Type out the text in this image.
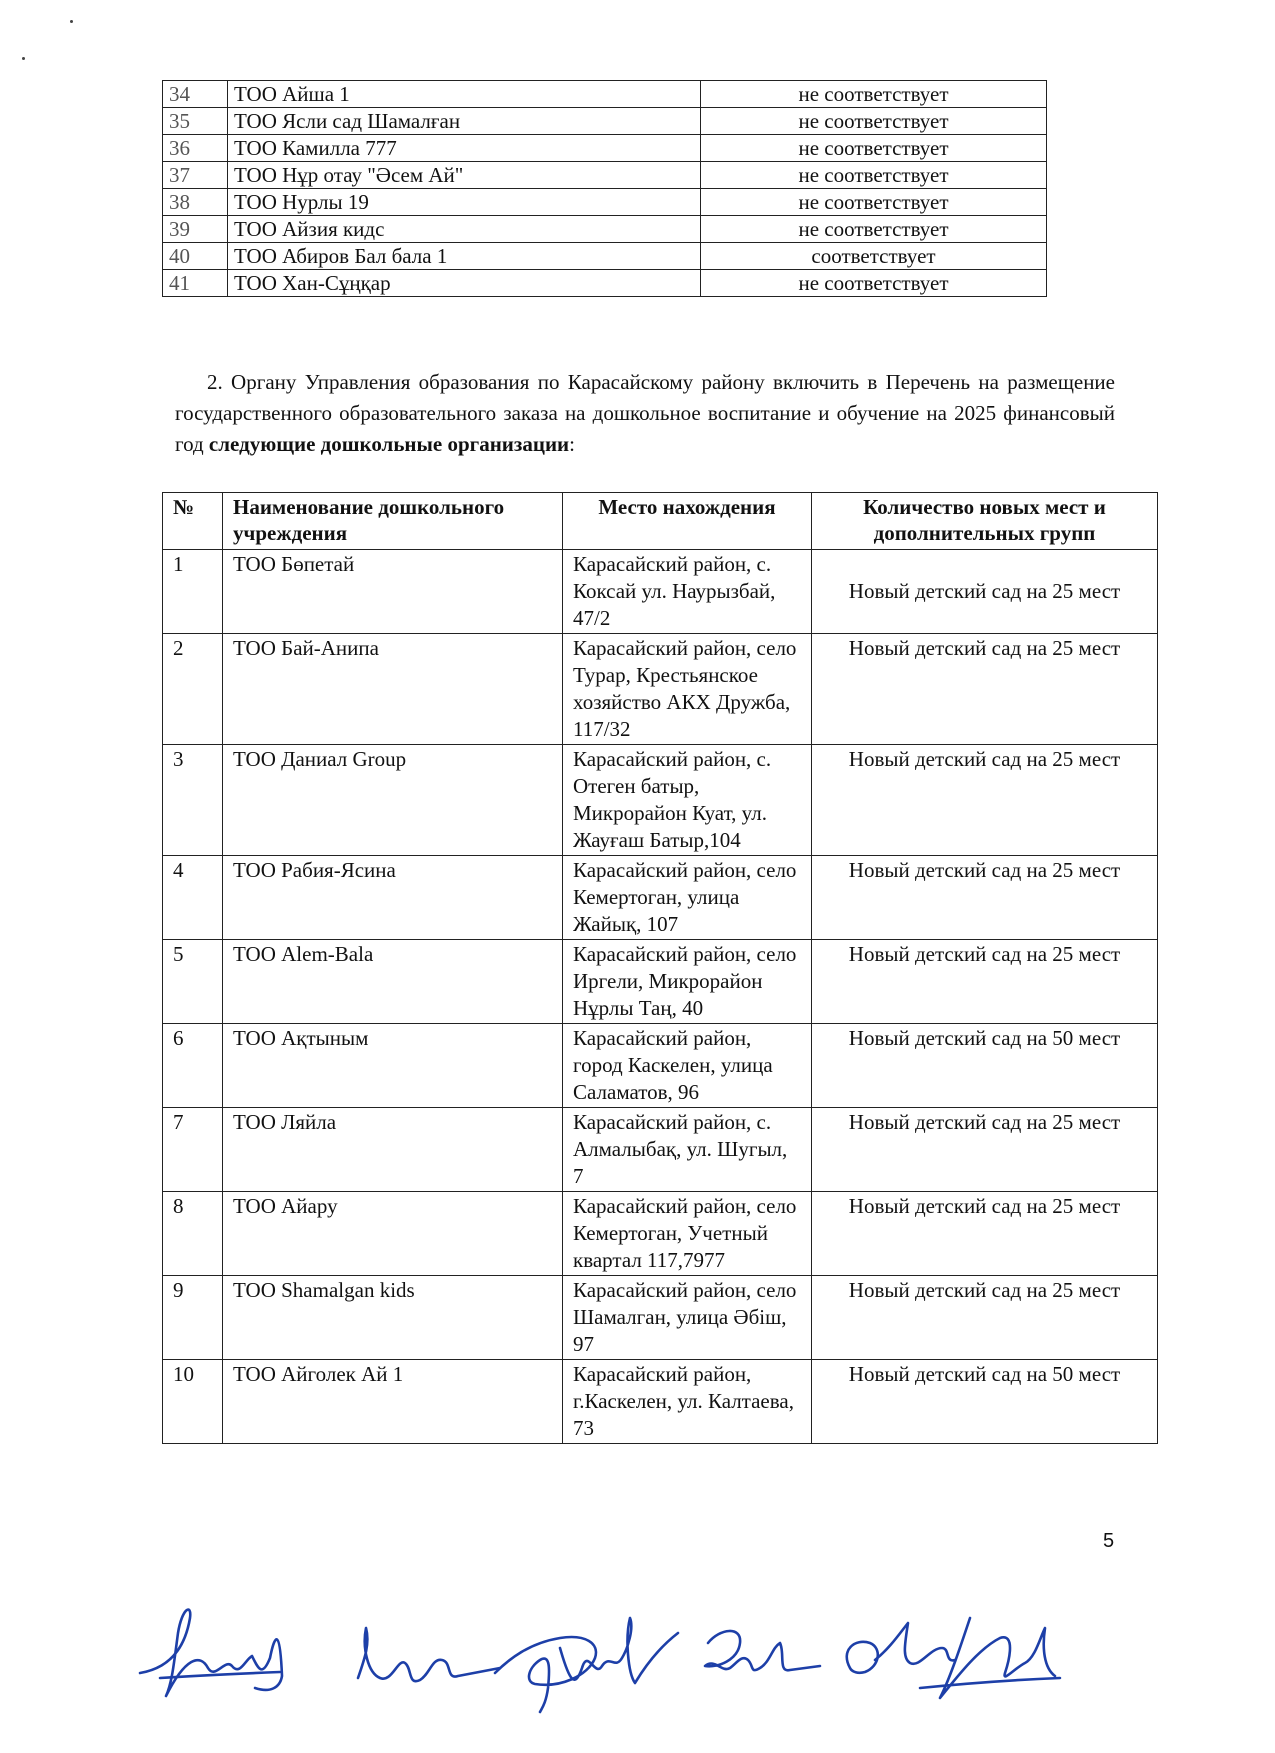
34	ТОО Айша 1	не соответствует
35	ТОО Ясли сад Шамалған	не соответствует
36	ТОО Камилла 777	не соответствует
37	ТОО Нұр отау "Әсем Ай"	не соответствует
38	ТОО Нурлы 19	не соответствует
39	ТОО Айзия кидс	не соответствует
40	ТОО Абиров Бал бала 1	соответствует
41	ТОО Хан-Сұңқар	не соответствует

2. Органу Управления образования по Карасайскому району включить в Перечень на размещение государственного образовательного заказа на дошкольное воспитание и обучение на 2025 финансовый год следующие дошкольные организации:

№	Наименование дошкольного учреждения	Место нахождения	Количество новых мест и дополнительных групп
1	ТОО Бөпетай	Карасайский район, с. Коксай ул. Наурызбай, 47/2	Новый детский сад на 25 мест
2	ТОО Бай-Анипа	Карасайский район, село Турар, Крестьянское хозяйство АКХ Дружба, 117/32	Новый детский сад на 25 мест
3	ТОО Даниал Group	Карасайский район, с. Отеген батыр, Микрорайон Куат, ул. Жауғаш Батыр,104	Новый детский сад на 25 мест
4	ТОО Рабия-Ясина	Карасайский район, село Кемертоган, улица Жайық, 107	Новый детский сад на 25 мест
5	ТОО Alem-Bala	Карасайский район, село Иргели, Микрорайон Нұрлы Таң, 40	Новый детский сад на 25 мест
6	ТОО Ақтыным	Карасайский район, город Каскелен, улица Саламатов, 96	Новый детский сад на 50 мест
7	ТОО Ляйла	Карасайский район, с. Алмалыбақ, ул. Шугыл, 7	Новый детский сад на 25 мест
8	ТОО Айару	Карасайский район, село Кемертоган, Учетный квартал 117,7977	Новый детский сад на 25 мест
9	ТОО Shamalgan kids	Карасайский район, село Шамалган, улица Әбіш, 97	Новый детский сад на 25 мест
10	ТОО Айголек Ай 1	Карасайский район, г.Каскелен, ул. Калтаева, 73	Новый детский сад на 50 мест
5
